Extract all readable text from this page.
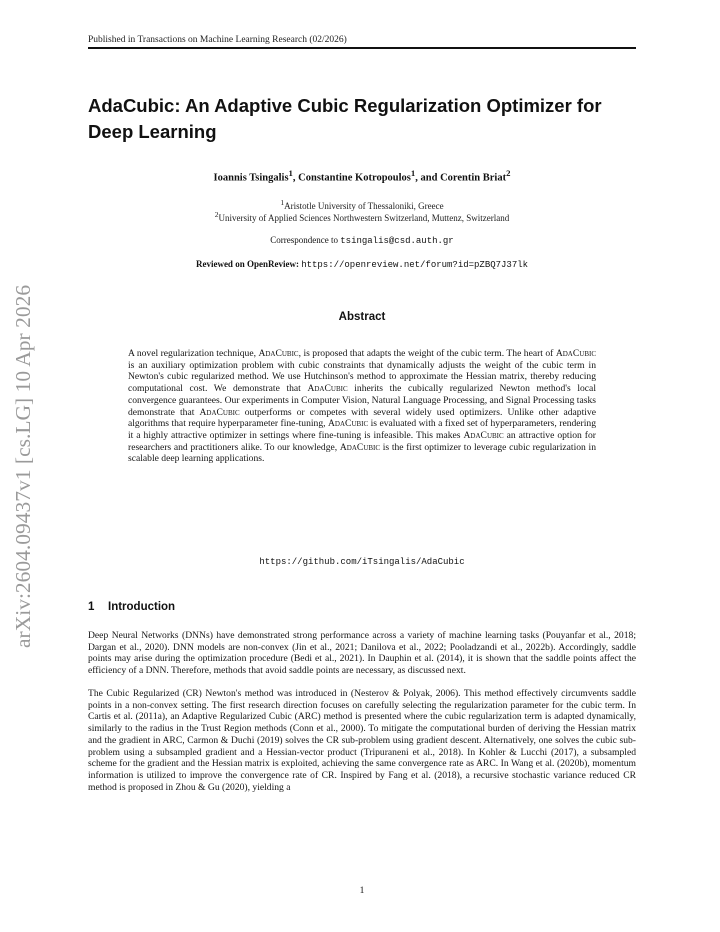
arXiv:2604.09437v1 [cs.LG] 10 Apr 2026
Published in Transactions on Machine Learning Research (02/2026)
AdaCubic: An Adaptive Cubic Regularization Optimizer for
Deep Learning
Ioannis Tsingalis$^1$, Constantine Kotropoulos$^1$, and Corentin Briat$^2$
$^1$Aristotle University of Thessaloniki, Greece
$^2$University of Applied Sciences Northwestern Switzerland, Muttenz, Switzerland
Correspondence to tsingalis@csd.auth.gr
Reviewed on OpenReview: https://openreview.net/forum?id=pZBQ7J37lk
Abstract
A novel regularization technique, AdaCubic, is proposed that adapts the weight of the cubic term. The heart of AdaCubic is an auxiliary optimization problem with cubic constraints that dynamically adjusts the weight of the cubic term in Newton's cubic regularized method. We use Hutchinson's method to approximate the Hessian matrix, thereby reducing computational cost. We demonstrate that AdaCubic inherits the cubically regularized Newton method's local convergence guarantees. Our experiments in Computer Vision, Natural Language Processing, and Signal Processing tasks demonstrate that AdaCubic outperforms or competes with several widely used optimizers. Unlike other adaptive algorithms that require hyperparameter fine-tuning, AdaCubic is evaluated with a fixed set of hyperparameters, rendering it a highly attractive optimizer in settings where fine-tuning is infeasible. This makes AdaCubic an attractive option for researchers and practitioners alike. To our knowledge, AdaCubic is the first optimizer to leverage cubic regularization in scalable deep learning applications.
https://github.com/iTsingalis/AdaCubic
1 Introduction
Deep Neural Networks (DNNs) have demonstrated strong performance across a variety of machine learning tasks (Pouyanfar et al., 2018; Dargan et al., 2020). DNN models are non-convex (Jin et al., 2021; Danilova et al., 2022; Pooladzandi et al., 2022b). Accordingly, saddle points may arise during the optimization procedure (Bedi et al., 2021). In Dauphin et al. (2014), it is shown that the saddle points affect the efficiency of a DNN. Therefore, methods that avoid saddle points are necessary, as discussed next.
The Cubic Regularized (CR) Newton's method was introduced in (Nesterov & Polyak, 2006). This method effectively circumvents saddle points in a non-convex setting. The first research direction focuses on carefully selecting the regularization parameter for the cubic term. In Cartis et al. (2011a), an Adaptive Regularized Cubic (ARC) method is presented where the cubic regularization term is adapted dynamically, similarly to the radius in the Trust Region methods (Conn et al., 2000). To mitigate the computational burden of deriving the Hessian matrix and the gradient in ARC, Carmon & Duchi (2019) solves the CR sub-problem using gradient descent. Alternatively, one solves the cubic sub-problem using a subsampled gradient and a Hessian-vector product (Tripuraneni et al., 2018). In Kohler & Lucchi (2017), a subsampled scheme for the gradient and the Hessian matrix is exploited, achieving the same convergence rate as ARC. In Wang et al. (2020b), momentum information is utilized to improve the convergence rate of CR. Inspired by Fang et al. (2018), a recursive stochastic variance reduced CR method is proposed in Zhou & Gu (2020), yielding a
1
